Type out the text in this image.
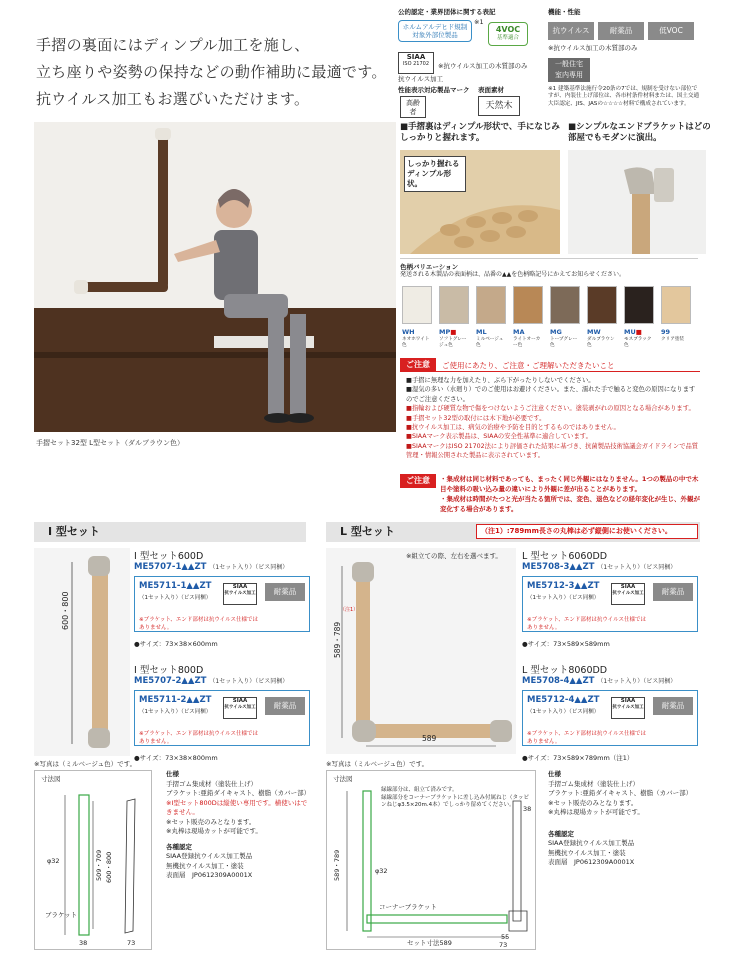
手摺の裏面にはディンプル加工を施し、
立ち座りや姿勢の保持などの動作補助に最適です。
抗ウイルス加工もお選びいただけます。
手摺セット32型 L型セット（ダルブラウン色）
公的認定・業界団体に関する表記
ホルムアルデヒド規制対象外部位製品
※1
4VOC
基準適合
SIAA
ISO 21702
抗ウイルス加工
※抗ウイルス加工の木質部のみ
性能表示対応製品マーク
高齢者
表面素材
天然木
機能・性能
抗ウイルス	耐薬品	低VOC
※抗ウイルス加工の木質部のみ
一般住宅
室内専用
※1 建築基準法施行令20条の7では、規制を受けない部位ですが、内装仕上げ部位は、各市村条件材料または、国土交通大臣認定、JIS、JASの☆☆☆☆材料で構成されています。
■手摺裏はディンプル形状で、手になじみしっかりと握れます。
しっかり握れるディンプル形状。
■シンプルなエンドブラケットはどの部屋でもモダンに演出。
色柄バリエーション
発送される木製品の表面柄は、品番の▲▲を色柄略記号にかえてお知らせください。
WH
ネオホワイト色
MP■
ソフトグレージュ色
ML
ミルベージュ色
MA
ライトオーカー色
MG
トープグレー色
MW
ダルブラウン色
MU■
モスブラック色
99
クリア塗装
ご注意	ご使用にあたり、ご注意・ご理解いただきたいこと
■手摺に無理な力を加えたり、ぶら下がったりしないでください。
■湿気の多い（水廻り）でのご使用はお避けください。また、濡れた手で触ると変色の原因になりますのでご注意ください。
■指輪および硬質な物で傷をつけないようご注意ください。塗装剥がれの原因となる場合があります。
■手摺セット32型の取付には木下地が必要です。
■抗ウイルス加工は、病気の治療や予防を目的とするものではありません。
■SIAAマーク表示製品は、SIAAの安全性基準に適合しています。
■SIAAマークはISO 21702法により評価された結果に基づき、抗菌製品技術協議会ガイドラインで品質管理・情報公開された製品に表示されています。
ご注意	・集成材は同じ材料であっても、まったく同じ外観にはなりません。1つの製品の中で木目や塗料の吸い込み量の違いにより外観に差が出ることがあります。
・集成材は時間がたつと光が当たる箇所では、変色、退色などの経年変化が生じ、外観が変化する場合があります。
I 型セット
600・800
※写真は（ミルベージュ色）です。
I 型セット600D
ME5707-1▲▲ZT （1セット入り）（ビス同梱）
ME5711-1▲▲ZT
（1セット入り）（ビス同梱）
SIAA
抗ウイルス加工	耐薬品
※ブラケット、エンド部材は抗ウイルス仕様ではありません。
●サイズ：73×38×600mm
I 型セット800D
ME5707-2▲▲ZT （1セット入り）（ビス同梱）
ME5711-2▲▲ZT
（1セット入り）（ビス同梱）
SIAA
抗ウイルス加工	耐薬品
※ブラケット、エンド部材は抗ウイルス仕様ではありません。
●サイズ：73×38×800mm
寸法図
φ32	509・709 600・800
ブラケット
38	73
仕様
手摺ゴム集成材（塗装仕上げ）
ブラケット:亜鉛ダイキャスト、樹脂（カバー部）
※I型セット800Dは縦使い専用です。横使いはできません。
※セット販売のみとなります。
※丸棒は現場カットが可能です。
各種認定
SIAA登録抗ウイルス加工製品
無機抗ウイルス加工・塗装
表面層　JP0612309A0001X
L 型セット	（注1）:789mm長さの丸棒は必ず縦側にお使いください。
※組立ての際、左右を選べます。
589・789
（注1）
589
※写真は（ミルベージュ色）です。
L 型セット6060DD
ME5708-3▲▲ZT （1セット入り）（ビス同梱）
ME5712-3▲▲ZT
（1セット入り）（ビス同梱）
SIAA
抗ウイルス加工	耐薬品
※ブラケット、エンド部材は抗ウイルス仕様ではありません。
●サイズ：73×589×589mm
L 型セット8060DD
ME5708-4▲▲ZT （1セット入り）（ビス同梱）
ME5712-4▲▲ZT
（1セット入り）（ビス同梱）
SIAA
抗ウイルス加工	耐薬品
※ブラケット、エンド部材は抗ウイルス仕様ではありません。
●サイズ：73×589×789mm（注1）
寸法図
緑線部分は、組立て済みです。
緑線部分をコーナーブラケットに差し込み付属ねじ（タッピンねじφ3.5×20m.4本）でしっかり留めてください。
589・789	φ32
コーナーブラケット
セット寸法589
38
55
73
仕様
手摺ゴム集成材（塗装仕上げ）
ブラケット:亜鉛ダイキャスト、樹脂（カバー部）
※セット販売のみとなります。
※丸棒は現場カットが可能です。
各種認定
SIAA登録抗ウイルス加工製品
無機抗ウイルス加工・塗装
表面層　JP0612309A0001X
